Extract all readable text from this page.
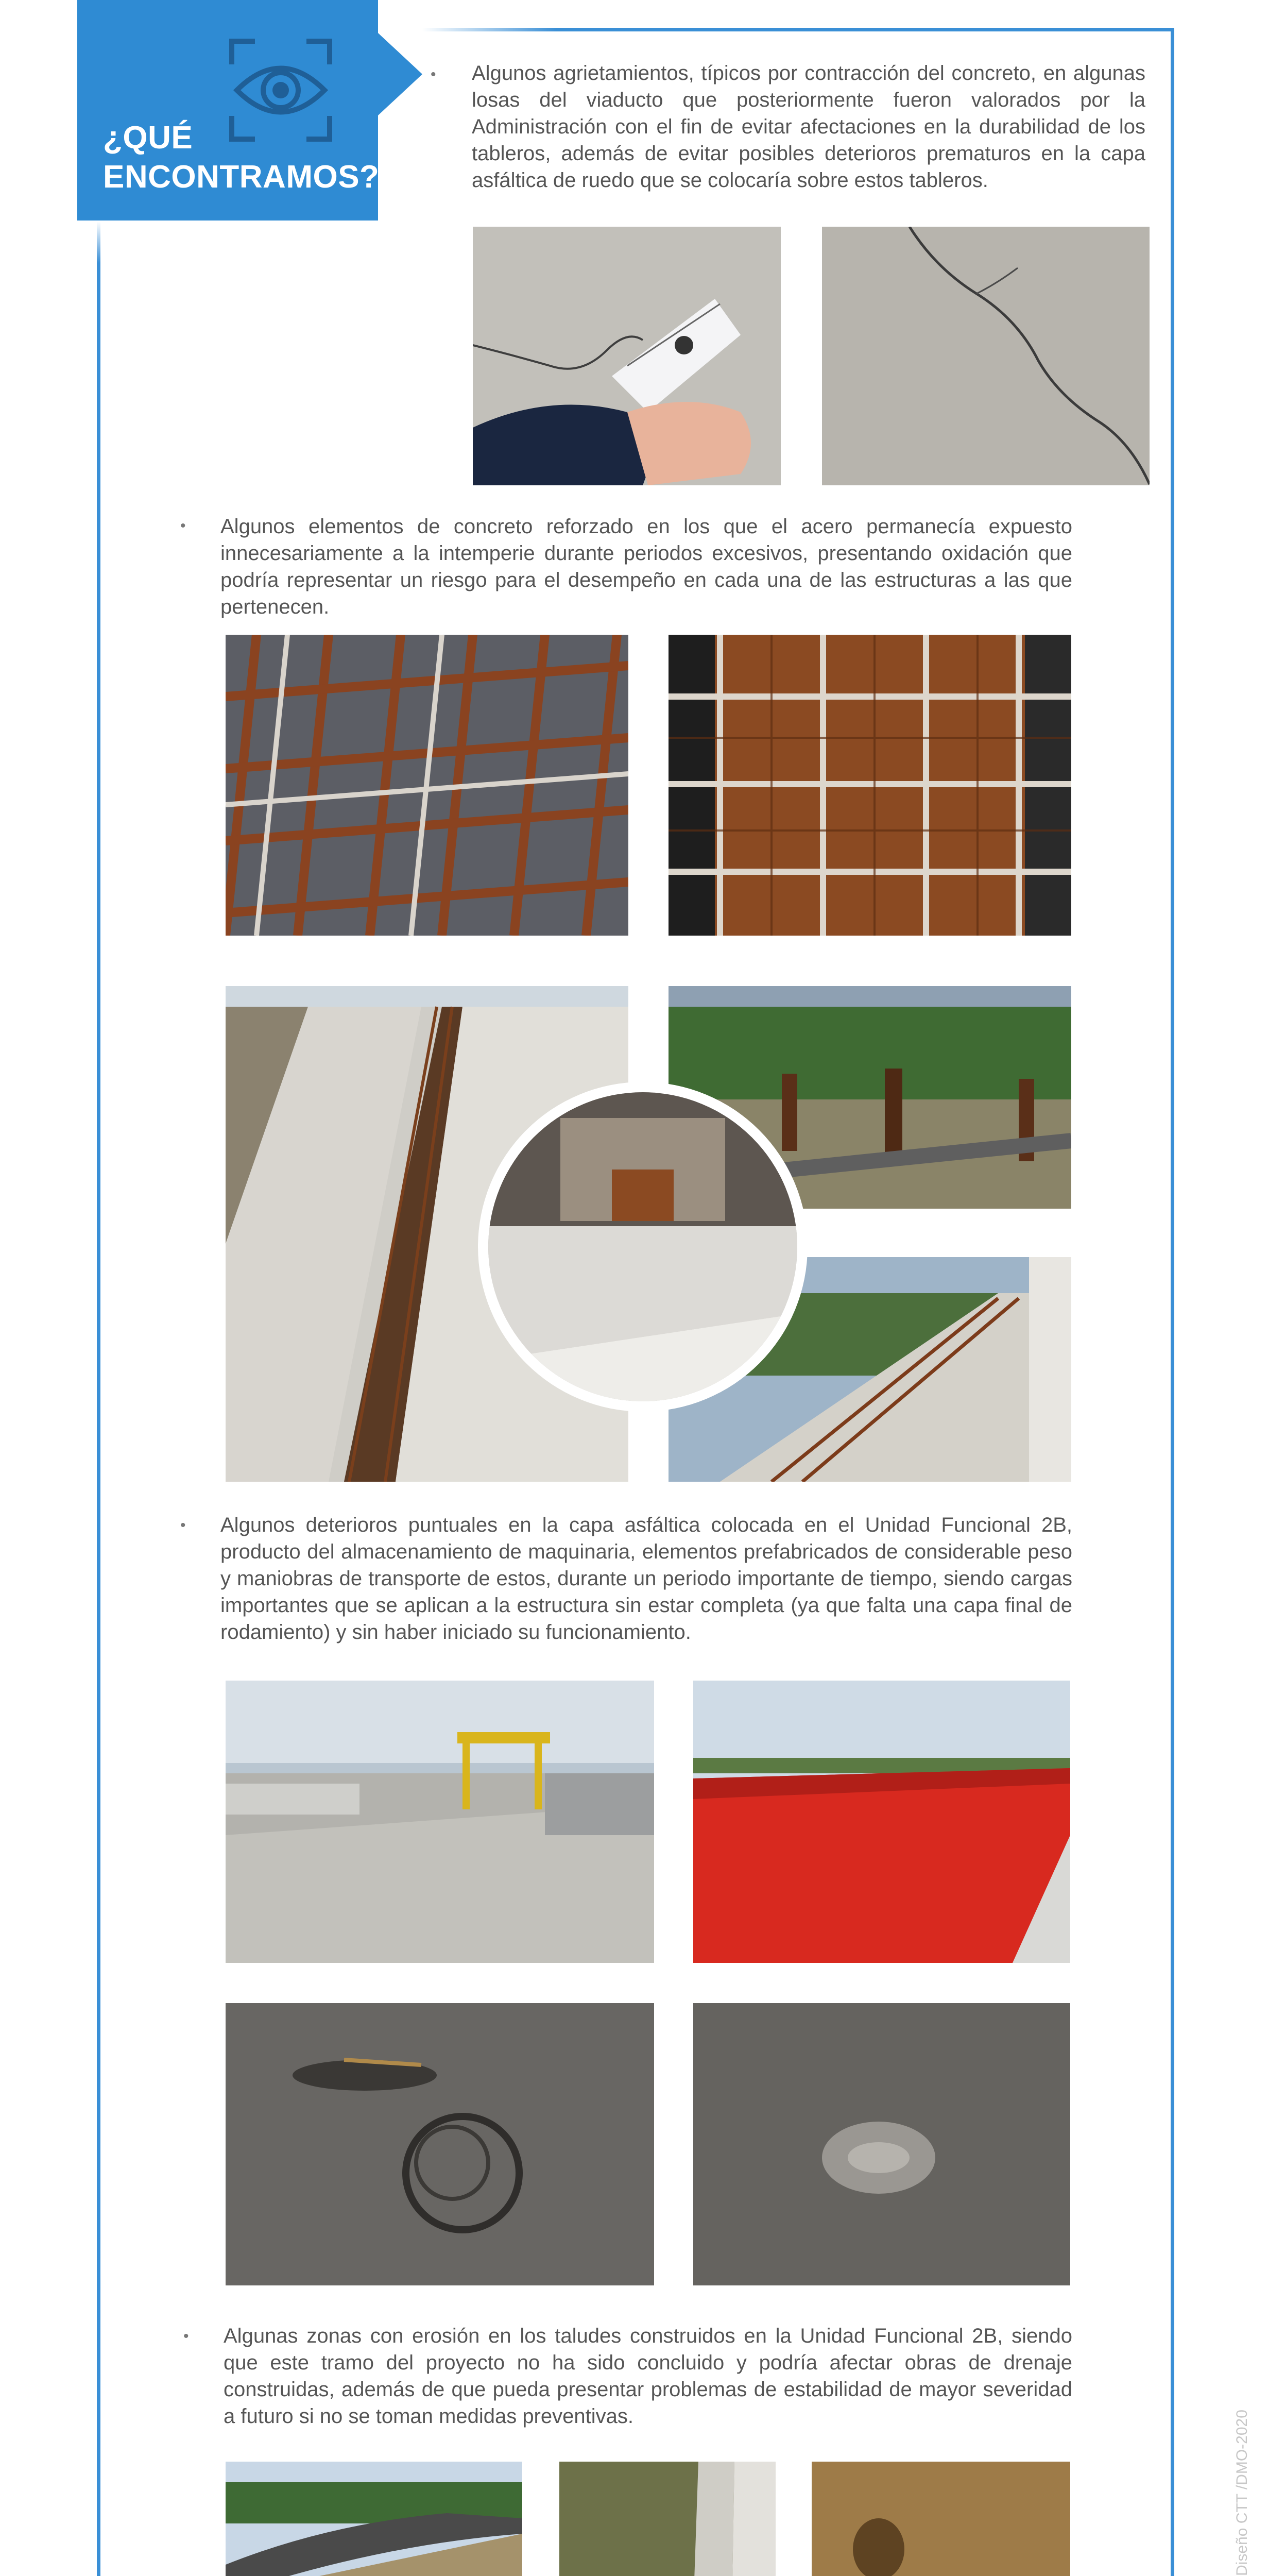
¿QUÉ
ENCONTRAMOS?
• Algunos agrietamientos, típicos por contracción del concreto, en algunas losas del viaducto que posteriormente fueron valorados por la Administración con el fin de evitar afectaciones en la durabilidad de los tableros, además de evitar posibles deterioros prematuros en la capa asfáltica de ruedo que se colocaría sobre estos tableros.
• Algunos elementos de concreto reforzado en los que el acero permanecía expuesto innecesariamente a la intemperie durante periodos excesivos, presentando oxidación que podría representar un riesgo para el desempeño en cada una de las estructuras a las que pertenecen.
• Algunos deterioros puntuales en la capa asfáltica colocada en el Unidad Funcional 2B, producto del almacenamiento de maquinaria, elementos prefabricados de considerable peso y maniobras de transporte de estos, durante un periodo importante de tiempo, siendo cargas importantes que se aplican a la estructura sin estar completa (ya que falta una capa final de rodamiento) y sin haber iniciado su funcionamiento.
• Algunas zonas con erosión en los taludes construidos en la Unidad Funcional 2B, siendo que este tramo del proyecto no ha sido concluido y podría afectar obras de drenaje construidas, además de que pueda presentar problemas de estabilidad de mayor severidad a futuro si no se toman medidas preventivas.	Diseño CTT /DMO-2020
